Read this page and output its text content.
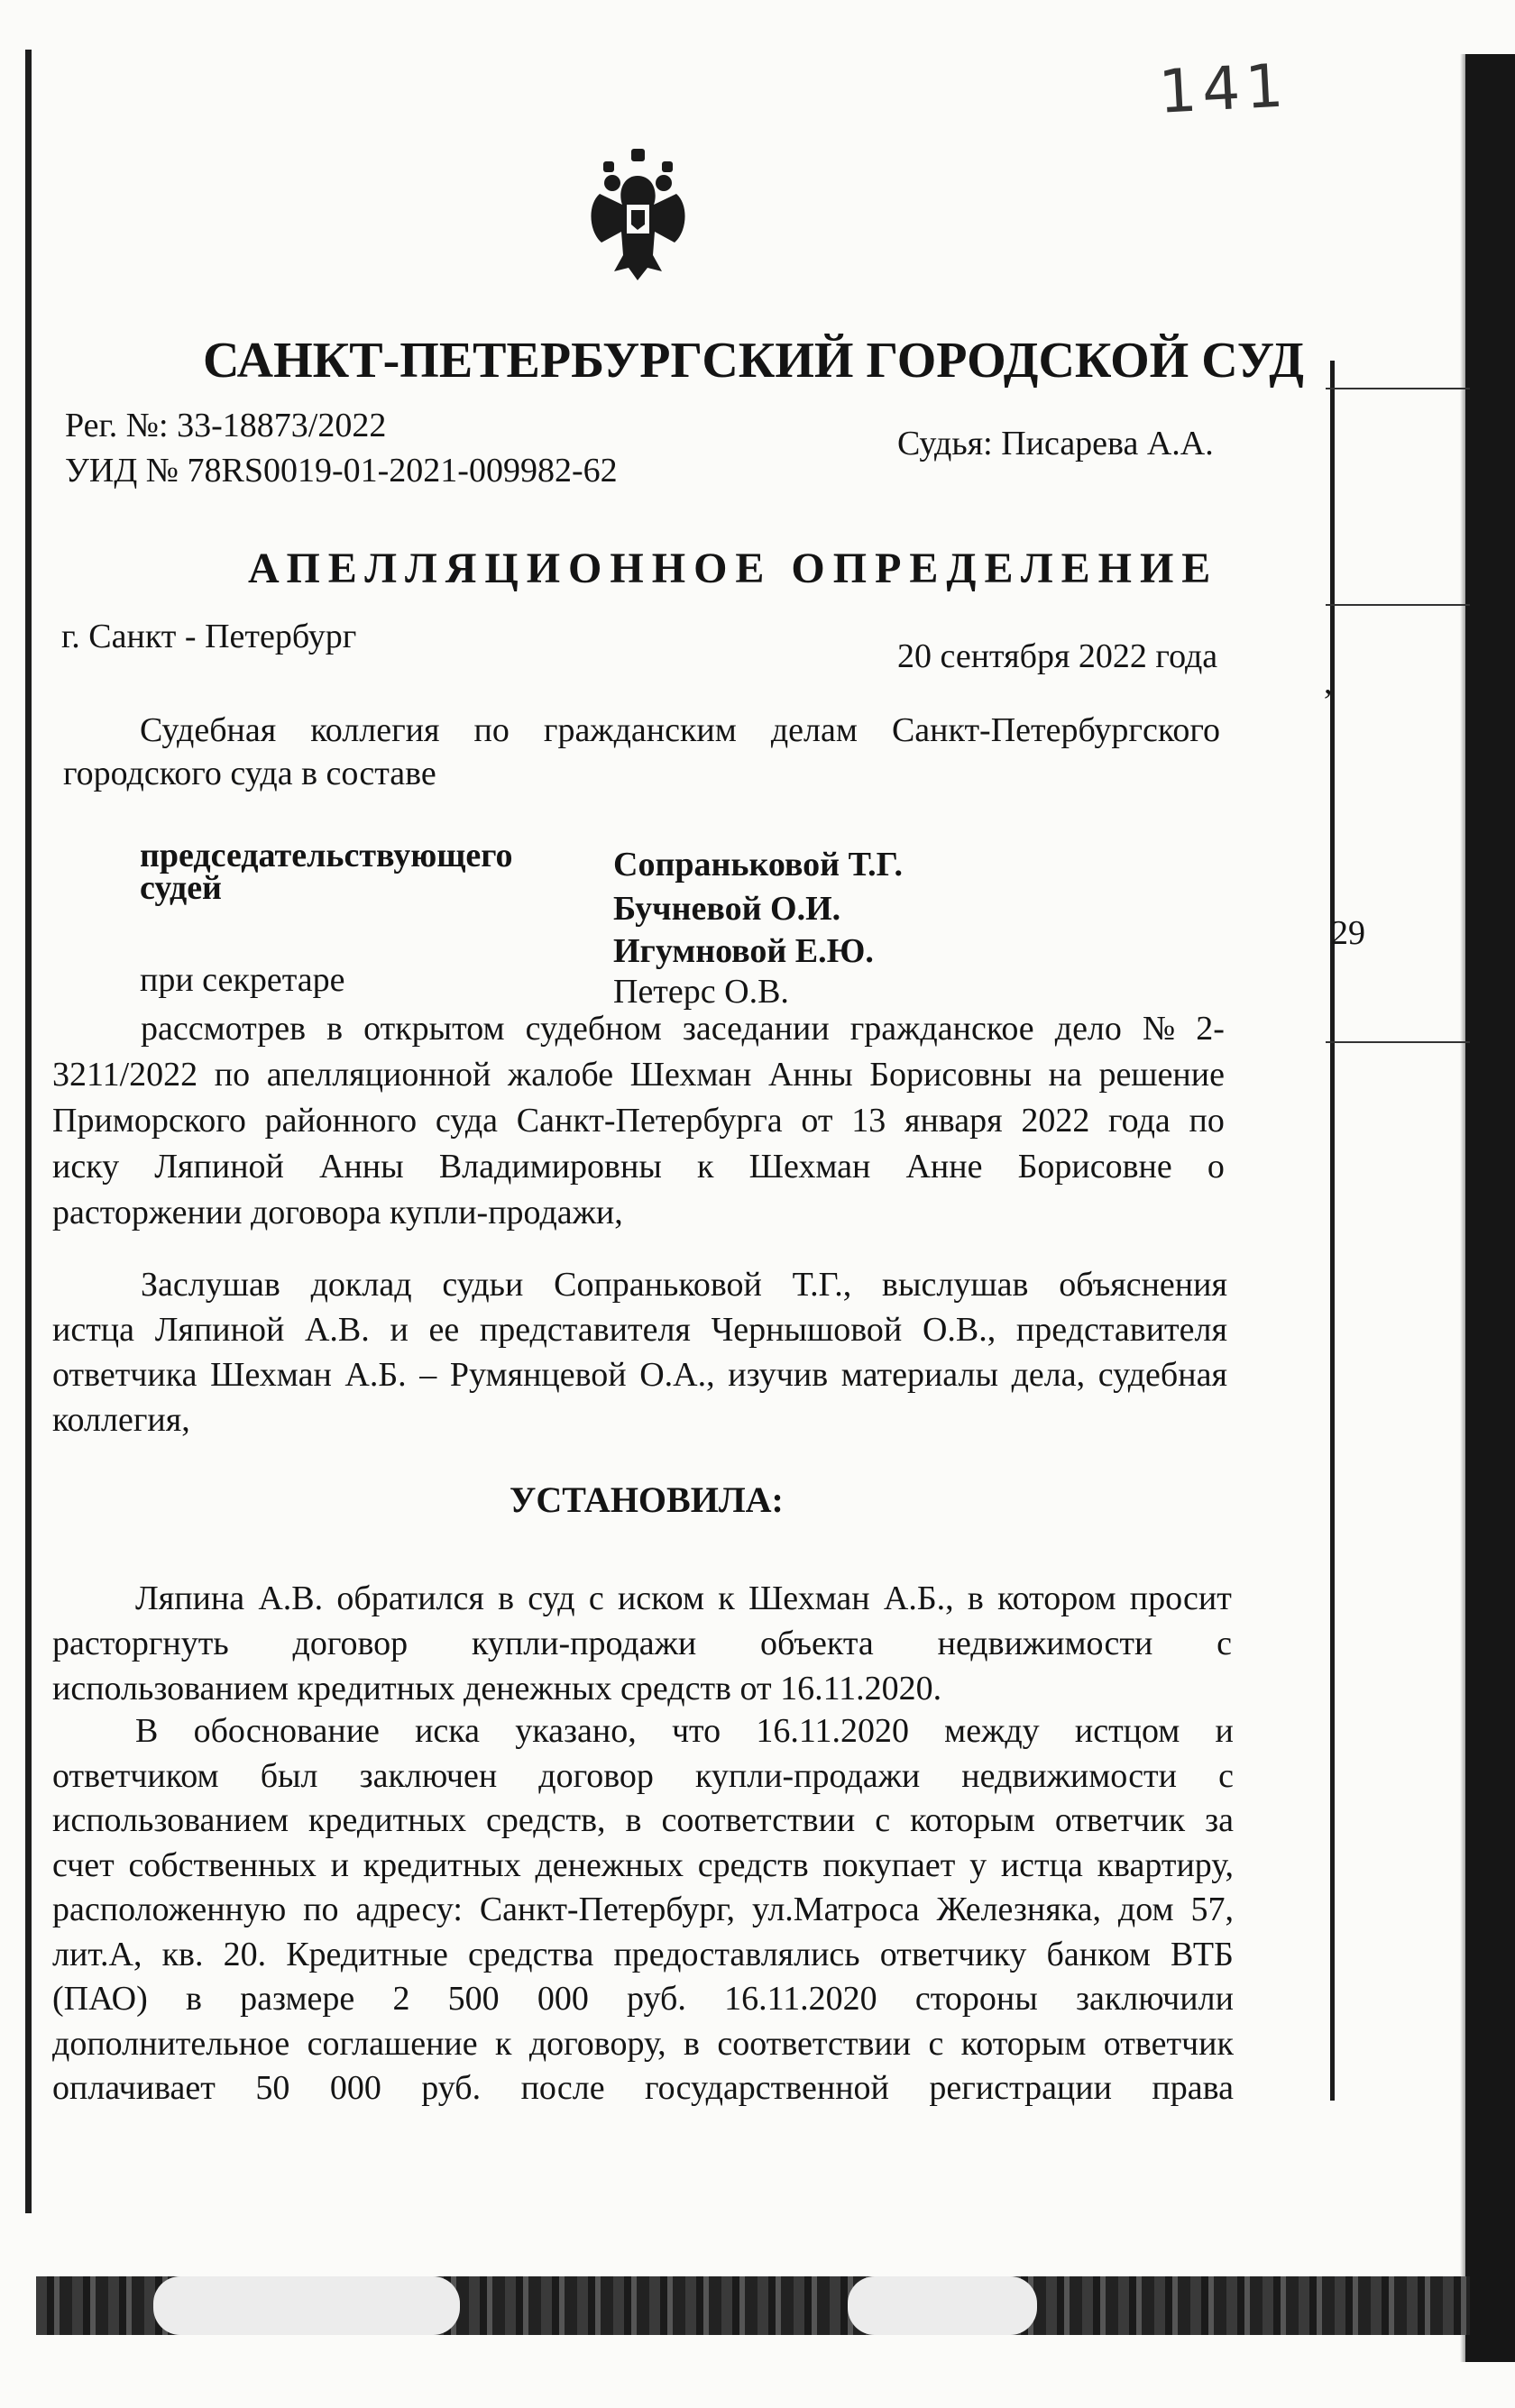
29
,
141
САНКТ-ПЕТЕРБУРГСКИЙ ГОРОДСКОЙ СУД
Рег. №: 33-18873/2022
УИД № 78RS0019-01-2021-009982-62
Судья: Писарева А.А.
АПЕЛЛЯЦИОННОЕ ОПРЕДЕЛЕНИЕ
г. Санкт - Петербург
20 сентября 2022 года
Судебная коллегия по гражданским делам Санкт-Петербургского
городского суда в составе
председательствующего
судей
Сопраньковой Т.Г.
Бучневой О.И.
Игумновой Е.Ю.
при секретаре	Петерс О.В.
рассмотрев в открытом судебном заседании гражданское дело № 2-
3211/2022 по апелляционной жалобе Шехман Анны Борисовны на решение
Приморского районного суда Санкт-Петербурга от 13 января 2022 года по
иску Ляпиной Анны Владимировны к Шехман Анне Борисовне о
расторжении договора купли-продажи,
Заслушав доклад судьи Сопраньковой Т.Г., выслушав объяснения
истца Ляпиной А.В. и ее представителя Чернышовой О.В., представителя
ответчика Шехман А.Б. – Румянцевой О.А., изучив материалы дела, судебная
коллегия,
УСТАНОВИЛА:
Ляпина А.В. обратился в суд с иском к Шехман А.Б., в котором просит
расторгнуть договор купли-продажи объекта недвижимости с
использованием кредитных денежных средств от 16.11.2020.
В обоснование иска указано, что 16.11.2020 между истцом и
ответчиком был заключен договор купли-продажи недвижимости с
использованием кредитных средств, в соответствии с которым ответчик за
счет собственных и кредитных денежных средств покупает у истца квартиру,
расположенную по адресу: Санкт-Петербург, ул.Матроса Железняка, дом 57,
лит.А, кв. 20. Кредитные средства предоставлялись ответчику банком ВТБ
(ПАО) в размере 2 500 000 руб. 16.11.2020 стороны заключили
дополнительное соглашение к договору, в соответствии с которым ответчик
оплачивает 50 000 руб. после государственной регистрации права
